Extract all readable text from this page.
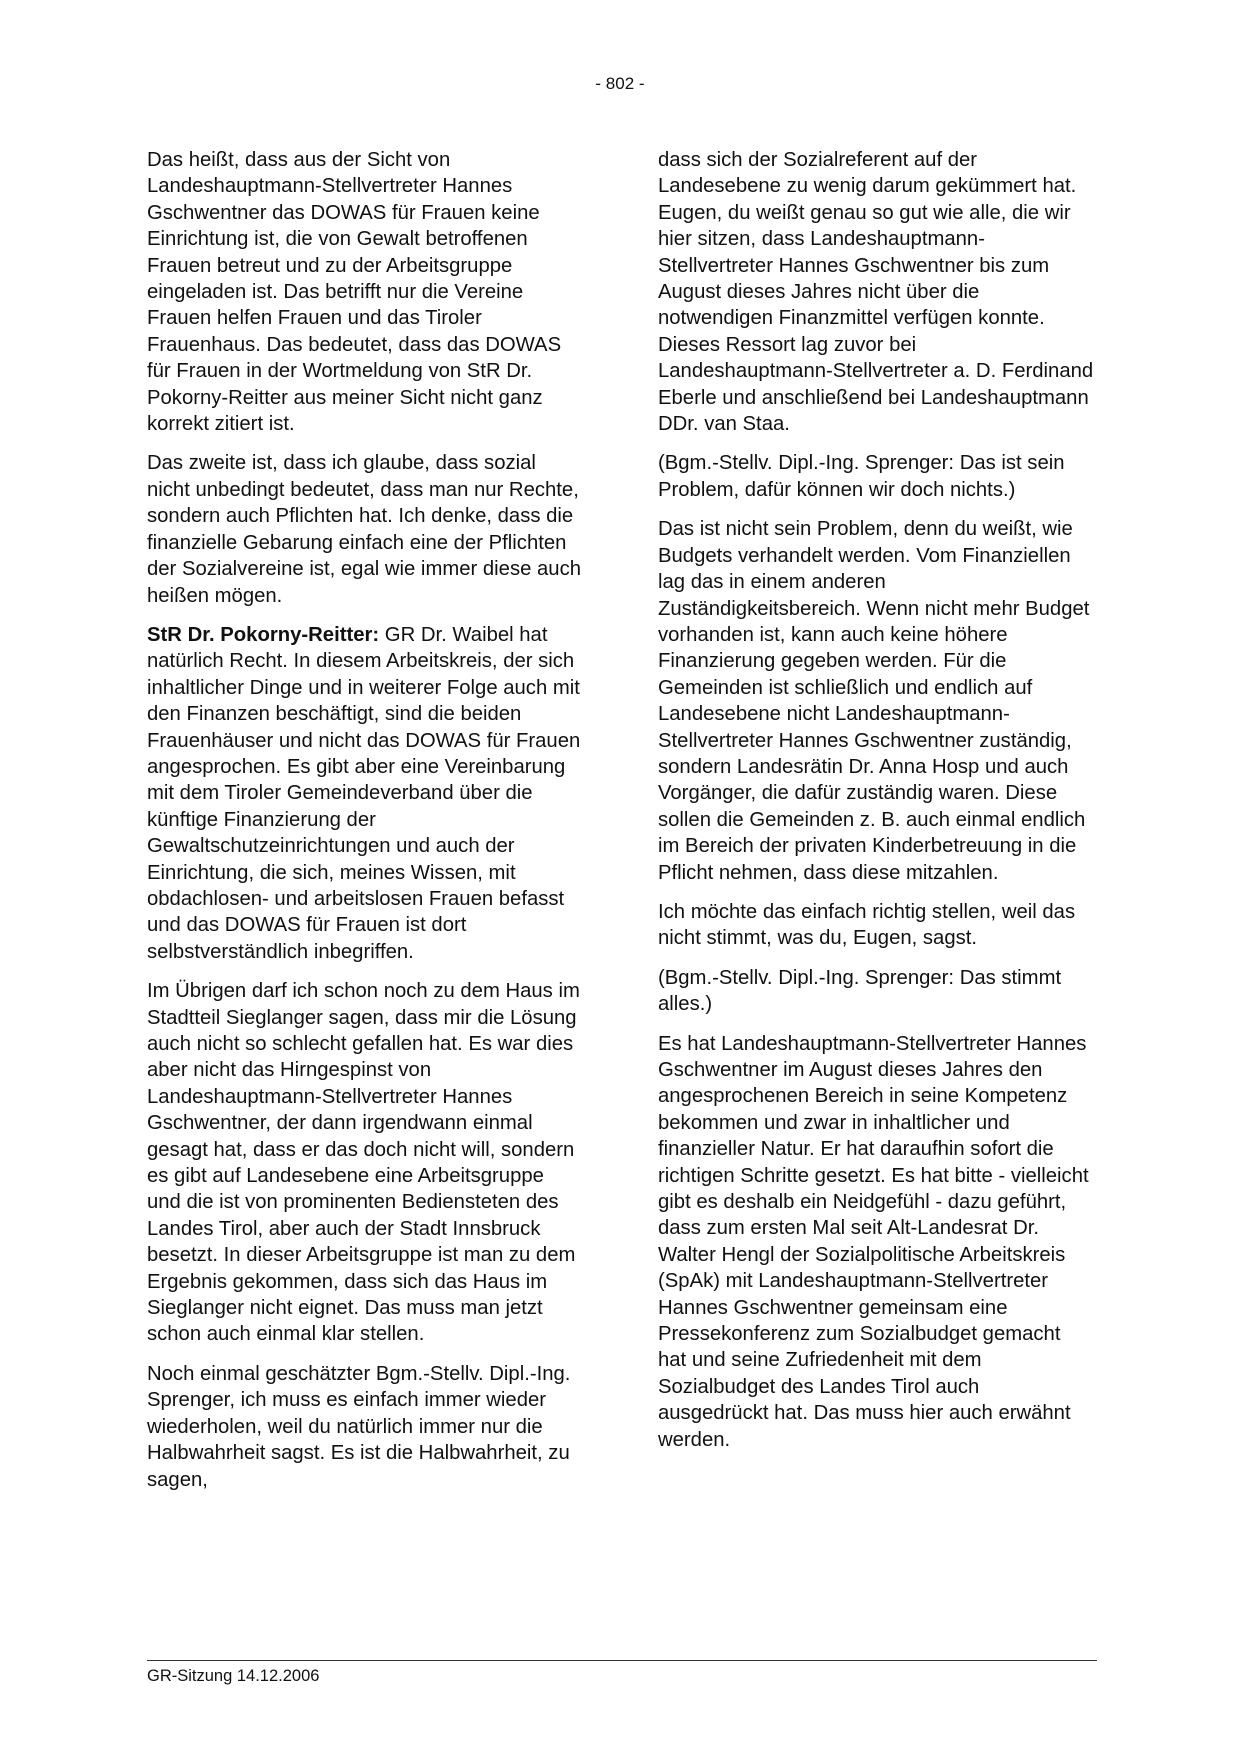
- 802 -

Das heißt, dass aus der Sicht von Landeshauptmann-Stellvertreter Hannes Gschwentner das DOWAS für Frauen keine Einrichtung ist, die von Gewalt betroffenen Frauen betreut und zu der Arbeitsgruppe eingeladen ist. Das betrifft nur die Vereine Frauen helfen Frauen und das Tiroler Frauenhaus. Das bedeutet, dass das DOWAS für Frauen in der Wortmeldung von StR Dr. Pokorny-Reitter aus meiner Sicht nicht ganz korrekt zitiert ist.

Das zweite ist, dass ich glaube, dass sozial nicht unbedingt bedeutet, dass man nur Rechte, sondern auch Pflichten hat. Ich denke, dass die finanzielle Gebarung einfach eine der Pflichten der Sozialvereine ist, egal wie immer diese auch heißen mögen.

StR Dr. Pokorny-Reitter: GR Dr. Waibel hat natürlich Recht. In diesem Arbeitskreis, der sich inhaltlicher Dinge und in weiterer Folge auch mit den Finanzen beschäftigt, sind die beiden Frauenhäuser und nicht das DOWAS für Frauen angesprochen. Es gibt aber eine Vereinbarung mit dem Tiroler Gemeindeverband über die künftige Finanzierung der Gewaltschutzeinrichtungen und auch der Einrichtung, die sich, meines Wissen, mit obdachlosen- und arbeitslosen Frauen befasst und das DOWAS für Frauen ist dort selbstverständlich inbegriffen.

Im Übrigen darf ich schon noch zu dem Haus im Stadtteil Sieglanger sagen, dass mir die Lösung auch nicht so schlecht gefallen hat. Es war dies aber nicht das Hirngespinst von Landeshauptmann-Stellvertreter Hannes Gschwentner, der dann irgendwann einmal gesagt hat, dass er das doch nicht will, sondern es gibt auf Landesebene eine Arbeitsgruppe und die ist von prominenten Bediensteten des Landes Tirol, aber auch der Stadt Innsbruck besetzt. In dieser Arbeitsgruppe ist man zu dem Ergebnis gekommen, dass sich das Haus im Sieglanger nicht eignet. Das muss man jetzt schon auch einmal klar stellen.

Noch einmal geschätzter Bgm.-Stellv. Dipl.-Ing. Sprenger, ich muss es einfach immer wieder wiederholen, weil du natürlich immer nur die Halbwahrheit sagst. Es ist die Halbwahrheit, zu sagen,

dass sich der Sozialreferent auf der Landesebene zu wenig darum gekümmert hat. Eugen, du weißt genau so gut wie alle, die wir hier sitzen, dass Landeshauptmann-Stellvertreter Hannes Gschwentner bis zum August dieses Jahres nicht über die notwendigen Finanzmittel verfügen konnte. Dieses Ressort lag zuvor bei Landeshauptmann-Stellvertreter a. D. Ferdinand Eberle und anschließend bei Landeshauptmann DDr. van Staa.

(Bgm.-Stellv. Dipl.-Ing. Sprenger: Das ist sein Problem, dafür können wir doch nichts.)

Das ist nicht sein Problem, denn du weißt, wie Budgets verhandelt werden. Vom Finanziellen lag das in einem anderen Zuständigkeitsbereich. Wenn nicht mehr Budget vorhanden ist, kann auch keine höhere Finanzierung gegeben werden. Für die Gemeinden ist schließlich und endlich auf Landesebene nicht Landeshauptmann-Stellvertreter Hannes Gschwentner zuständig, sondern Landesrätin Dr. Anna Hosp und auch Vorgänger, die dafür zuständig waren. Diese sollen die Gemeinden z. B. auch einmal endlich im Bereich der privaten Kinderbetreuung in die Pflicht nehmen, dass diese mitzahlen.

Ich möchte das einfach richtig stellen, weil das nicht stimmt, was du, Eugen, sagst.

(Bgm.-Stellv. Dipl.-Ing. Sprenger: Das stimmt alles.)

Es hat Landeshauptmann-Stellvertreter Hannes Gschwentner im August dieses Jahres den angesprochenen Bereich in seine Kompetenz bekommen und zwar in inhaltlicher und finanzieller Natur. Er hat daraufhin sofort die richtigen Schritte gesetzt. Es hat bitte - vielleicht gibt es deshalb ein Neidgefühl - dazu geführt, dass zum ersten Mal seit Alt-Landesrat Dr. Walter Hengl der Sozialpolitische Arbeitskreis (SpAk) mit Landeshauptmann-Stellvertreter Hannes Gschwentner gemeinsam eine Pressekonferenz zum Sozialbudget gemacht hat und seine Zufriedenheit mit dem Sozialbudget des Landes Tirol auch ausgedrückt hat. Das muss hier auch erwähnt werden.

GR-Sitzung 14.12.2006
